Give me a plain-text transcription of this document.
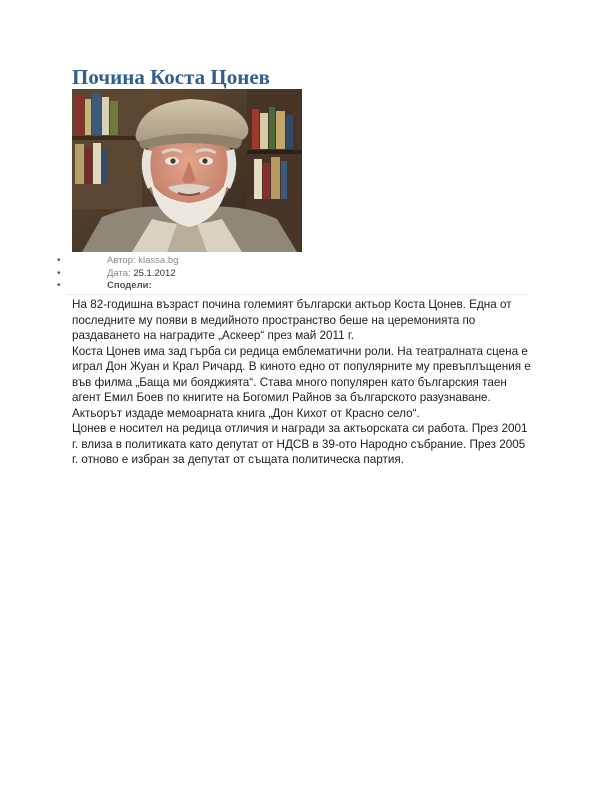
Почина Коста Цонев
•	Автор: klassa.bg
•	Дата: 25.1.2012
•	Сподели:

На 82-годишна възраст почина големият български актьор Коста Цонев. Една от последните му появи в медийното пространство беше на церемонията по раздаването на наградите „Аскеер“ през май 2011 г.

Коста Цонев има зад гърба си редица емблематични роли. На театралната сцена е играл Дон Жуан и Крал Ричард. В киното едно от популярните му превъплъщения е във филма „Баща ми бояджията“. Става много популярен като българския таен агент Емил Боев по книгите на Богомил Райнов за българското разузнаване. Актьорът издаде мемоарната книга „Дон Кихот от Красно село“.

Цонев е носител на редица отличия и награди за актьорската си работа. През 2001 г. влиза в политиката като депутат от НДСВ в 39-ото Народно събрание. През 2005 г. отново е избран за депутат от същата политическа партия.
